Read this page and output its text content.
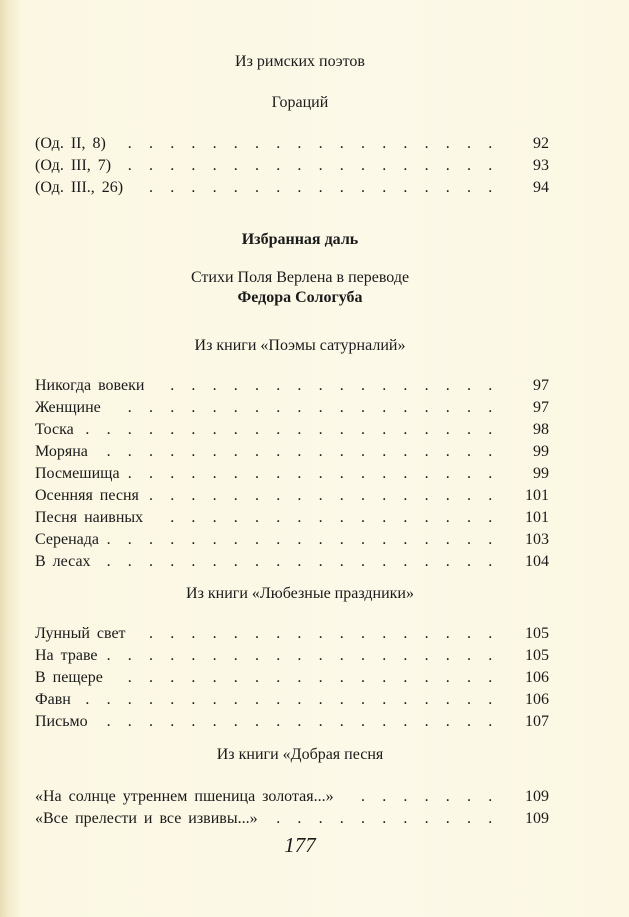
Из римских поэтов
Гораций
. . . . . . . . . . . . . . . . . .
(Од. II, 8)	92
. . . . . . . . . . . . . . . . . .
(Од. III, 7)	93
. . . . . . . . . . . . . . . . .
(Од. III., 26)	94
Избранная даль
Стихи Поля Верлена в переводе
Федора Сологуба
Из книги «Поэмы сатурналий»
. . . . . . . . . . . . . . . .
Никогда вовеки	97
. . . . . . . . . . . . . . . . . .
Женщине	97
. . . . . . . . . . . . . . . . . . . .
Тоска	98
. . . . . . . . . . . . . . . . . . .
Моряна	99
. . . . . . . . . . . . . . . . . .
Посмешища	99
. . . . . . . . . . . . . . . . .
Осенняя песня	101
. . . . . . . . . . . . . . . .
Песня наивных	101
. . . . . . . . . . . . . . . . . . .
Серенада	103
. . . . . . . . . . . . . . . . . . .
В лесах	104
Из книги «Любезные праздники»
. . . . . . . . . . . . . . . . .
Лунный свет	105
. . . . . . . . . . . . . . . . . . .
На траве	105
. . . . . . . . . . . . . . . . . .
В пещере	106
. . . . . . . . . . . . . . . . . . . .
Фавн	106
. . . . . . . . . . . . . . . . . . .
Письмо	107
Из книги «Добрая песня
. . . . . . .
«На солнце утреннем пшеница золотая...»	109
. . . . . . . . . . .
«Все прелести и все извивы...»	109
177
